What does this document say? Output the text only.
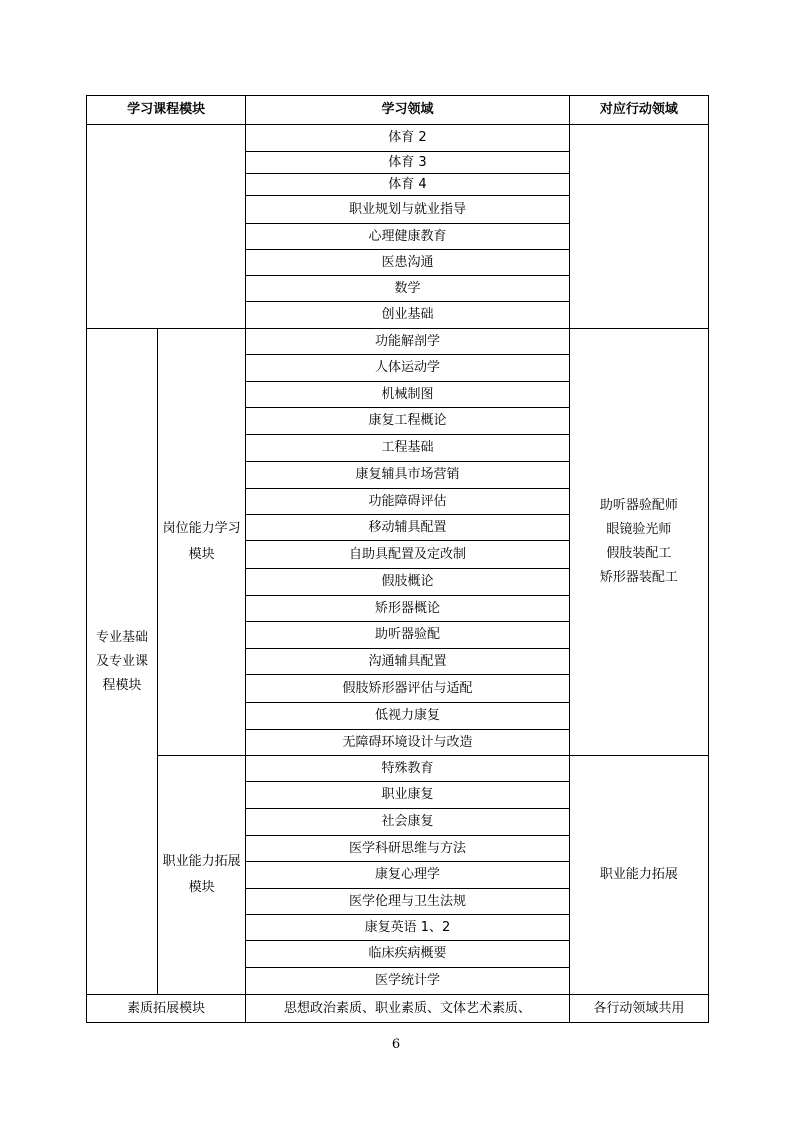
学习课程模块		学习领域	对应行动领域
		体育 2	
		体育 3	
		体育 4	
		职业规划与就业指导	
		心理健康教育	
		医患沟通	
		数学	
		创业基础	
专业基础及专业课程模块	岗位能力学习模块	功能解剖学	助听器验配师
眼镜验光师
假肢装配工
矫形器装配工

		人体运动学	
		机械制图	
		康复工程概论	
		工程基础	
		康复辅具市场营销	
		功能障碍评估	
		移动辅具配置	
		自助具配置及定改制	
		假肢概论	
		矫形器概论	
		助听器验配	
		沟通辅具配置	
		假肢矫形器评估与适配	
		低视力康复	
		无障碍环境设计与改造	
	职业能力拓展模块	特殊教育	职业能力拓展
		职业康复	
		社会康复	
		医学科研思维与方法	
		康复心理学	
		医学伦理与卫生法规	
		康复英语 1、2	
		临床疾病概要	
		医学统计学	
素质拓展模块		思想政治素质、职业素质、文体艺术素质、	各行动领域共用
6
